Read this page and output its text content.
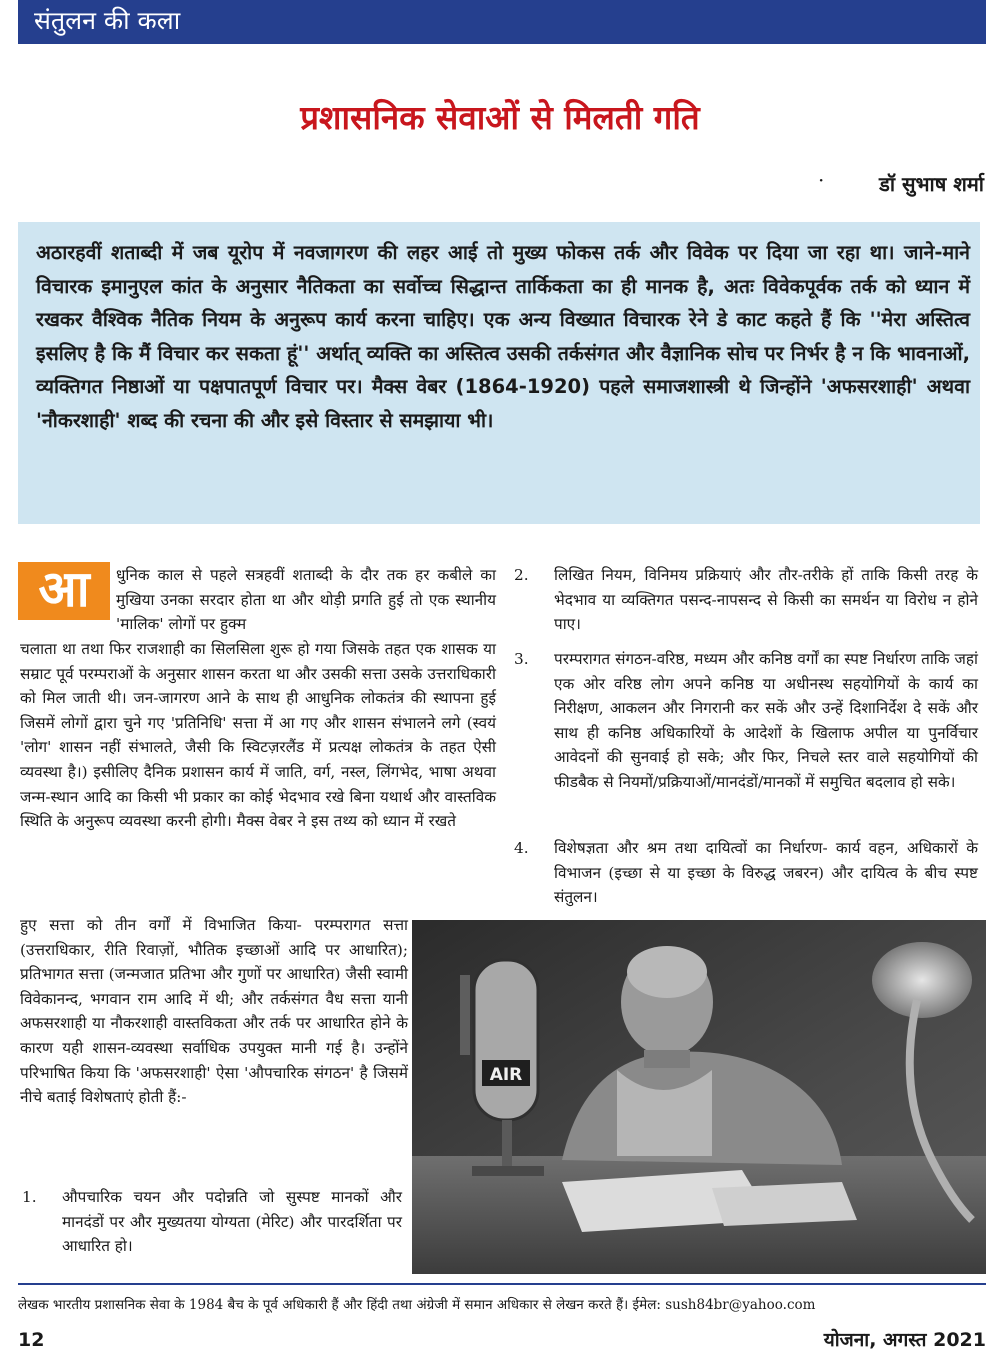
संतुलन की कला
प्रशासनिक सेवाओं से मिलती गति
·	डॉ सुभाष शर्मा
अठारहवीं शताब्दी में जब यूरोप में नवजागरण की लहर आई तो मुख्य फोकस तर्क और विवेक पर दिया जा रहा था। जाने-माने विचारक इमानुएल कांत के अनुसार नैतिकता का सर्वोच्च सिद्धान्त तार्किकता का ही मानक है, अतः विवेकपूर्वक तर्क को ध्यान में रखकर वैश्विक नैतिक नियम के अनुरूप कार्य करना चाहिए। एक अन्य विख्यात विचारक रेने डे काट कहते हैं कि ''मेरा अस्तित्व इसलिए है कि मैं विचार कर सकता हूं'' अर्थात् व्यक्ति का अस्तित्व उसकी तर्कसंगत और वैज्ञानिक सोच पर निर्भर है न कि भावनाओं, व्यक्तिगत निष्ठाओं या पक्षपातपूर्ण विचार पर। मैक्स वेबर (1864-1920) पहले समाजशास्त्री थे जिन्होंने 'अफसरशाही' अथवा 'नौकरशाही' शब्द की रचना की और इसे विस्तार से समझाया भी।
आ	धुनिक काल से पहले सत्रहवीं शताब्दी के दौर तक हर कबीले का मुखिया उनका सरदार होता था और थोड़ी प्रगति हुई तो एक स्थानीय 'मालिक' लोगों पर हुक्म
चलाता था तथा फिर राजशाही का सिलसिला शुरू हो गया जिसके तहत एक शासक या सम्राट पूर्व परम्पराओं के अनुसार शासन करता था और उसकी सत्ता उसके उत्तराधिकारी को मिल जाती थी। जन-जागरण आने के साथ ही आधुनिक लोकतंत्र की स्थापना हुई जिसमें लोगों द्वारा चुने गए 'प्रतिनिधि' सत्ता में आ गए और शासन संभालने लगे (स्वयं 'लोग' शासन नहीं संभालते, जैसी कि स्विटज़रलैंड में प्रत्यक्ष लोकतंत्र के तहत ऐसी व्यवस्था है।) इसीलिए दैनिक प्रशासन कार्य में जाति, वर्ग, नस्ल, लिंगभेद, भाषा अथवा जन्म-स्थान आदि का किसी भी प्रकार का कोई भेदभाव रखे बिना यथार्थ और वास्तविक स्थिति के अनुरूप व्यवस्था करनी होगी। मैक्स वेबर ने इस तथ्य को ध्यान में रखते
हुए सत्ता को तीन वर्गों में विभाजित किया- परम्परागत सत्ता (उत्तराधिकार, रीति रिवाज़ों, भौतिक इच्छाओं आदि पर आधारित); प्रतिभागत सत्ता (जन्मजात प्रतिभा और गुणों पर आधारित) जैसी स्वामी विवेकानन्द, भगवान राम आदि में थी; और तर्कसंगत वैध सत्ता यानी अफसरशाही या नौकरशाही वास्तविकता और तर्क पर आधारित होने के कारण यही शासन-व्यवस्था सर्वाधिक उपयुक्त मानी गई है। उन्होंने परिभाषित किया कि 'अफसरशाही' ऐसा 'औपचारिक संगठन' है जिसमें नीचे बताई विशेषताएं होती हैं:-
1. औपचारिक चयन और पदोन्नति जो सुस्पष्ट मानकों और मानदंडों पर और मुख्यतया योग्यता (मेरिट) और पारदर्शिता पर आधारित हो।
2. लिखित नियम, विनिमय प्रक्रियाएं और तौर-तरीके हों ताकि किसी तरह के भेदभाव या व्यक्तिगत पसन्द-नापसन्द से किसी का समर्थन या विरोध न होने पाए।
3. परम्परागत संगठन-वरिष्ठ, मध्यम और कनिष्ठ वर्गों का स्पष्ट निर्धारण ताकि जहां एक ओर वरिष्ठ लोग अपने कनिष्ठ या अधीनस्थ सहयोगियों के कार्य का निरीक्षण, आकलन और निगरानी कर सकें और उन्हें दिशानिर्देश दे सकें और साथ ही कनिष्ठ अधिकारियों के आदेशों के खिलाफ अपील या पुनर्विचार आवेदनों की सुनवाई हो सके; और फिर, निचले स्तर वाले सहयोगियों की फीडबैक से नियमों/प्रक्रियाओं/मानदंडों/मानकों में समुचित बदलाव हो सके।
4. विशेषज्ञता और श्रम तथा दायित्वों का निर्धारण- कार्य वहन, अधिकारों के विभाजन (इच्छा से या इच्छा के विरुद्ध जबरन) और दायित्व के बीच स्पष्ट संतुलन।
AIR
लेखक भारतीय प्रशासनिक सेवा के 1984 बैच के पूर्व अधिकारी हैं और हिंदी तथा अंग्रेजी में समान अधिकार से लेखन करते हैं। ईमेल: sush84br@yahoo.com
12	योजना, अगस्त 2021
